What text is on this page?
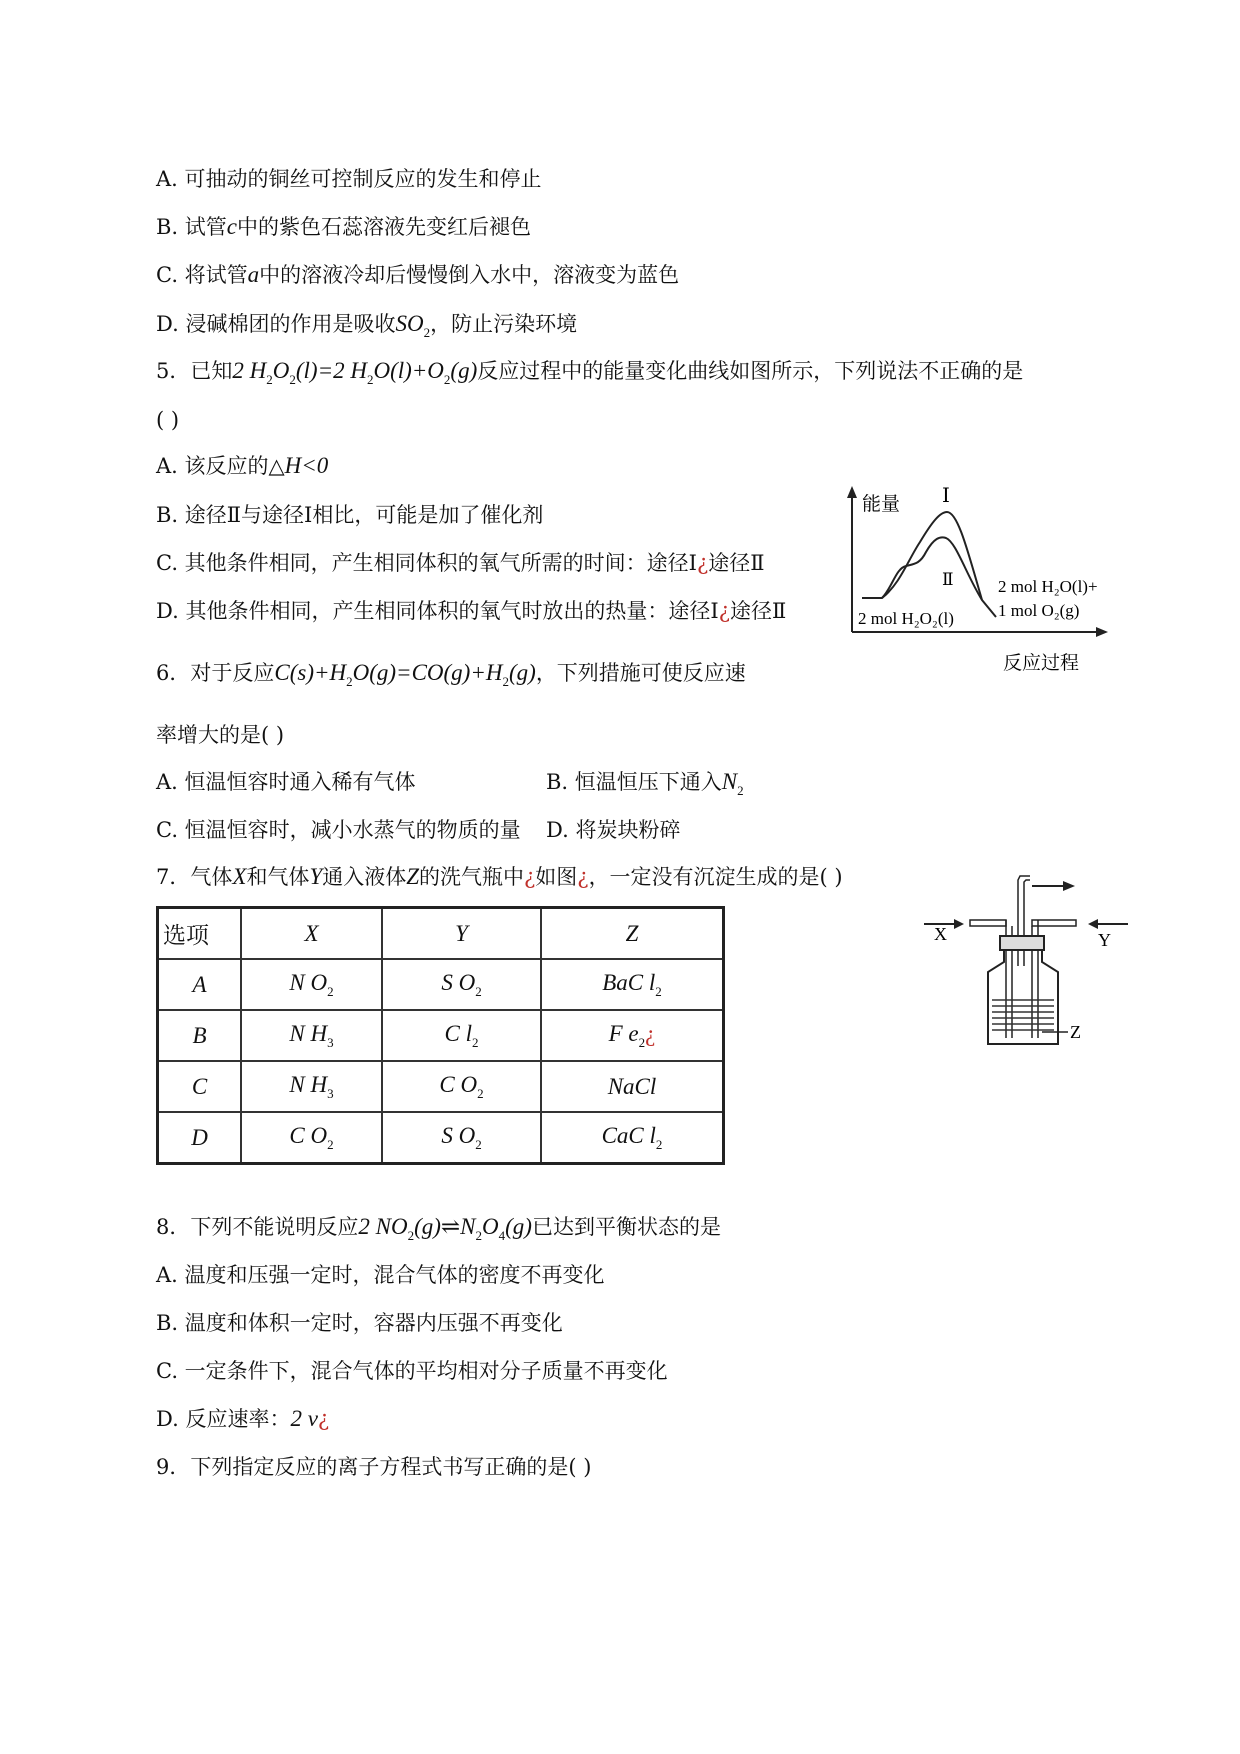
A. 可抽动的铜丝可控制反应的发生和停止
B. 试管c中的紫色石蕊溶液先变红后褪色
C. 将试管a中的溶液冷却后慢慢倒入水中，溶液变为蓝色
D. 浸碱棉团的作用是吸收$SO_2$，防止污染环境
5．已知2 $H_2O_2(l)=2$ $H_2O(l)+O_2(g)$反应过程中的能量变化曲线如图所示，下列说法不正确的是
( )
A. 该反应的△H<0
B. 途径Ⅱ与途径Ⅰ相比，可能是加了催化剂
C. 其他条件相同，产生相同体积的氧气所需的时间：途径Ⅰ¿途径Ⅱ
D. 其他条件相同，产生相同体积的氧气时放出的热量：途径Ⅰ¿途径Ⅱ
能量
反应过程
Ⅰ
Ⅱ
2 mol H₂O₂(l)
2 mol H₂O(l)+
1 mol O₂(g)
6．对于反应$C(s)+H_2O(g)=CO(g)+H_2(g)$，下列措施可使反应速
率增大的是( )
A. 恒温恒容时通入稀有气体	B. 恒温恒压下通入$N_2$
C. 恒温恒容时，减小水蒸气的物质的量 D. 将炭块粉碎
7．气体X和气体Y通入液体Z的洗气瓶中¿如图¿，一定没有沉淀生成的是( )
选项	X	Y	Z
A	N $O_2$	S $O_2$	BaC $l_2$
B	N $H_3$	C $l_2$	F $e_2¿$
C	N $H_3$	C $O_2$	NaCl
D	C $O_2$	S $O_2$	CaC $l_2$
X	Y
Z
8．下列不能说明反应2 $NO_2(g)\rightleftharpoons N_2O_4(g)$已达到平衡状态的是
A. 温度和压强一定时，混合气体的密度不再变化
B. 温度和体积一定时，容器内压强不再变化
C. 一定条件下，混合气体的平均相对分子质量不再变化
D. 反应速率：2 v¿
9．下列指定反应的离子方程式书写正确的是( )
